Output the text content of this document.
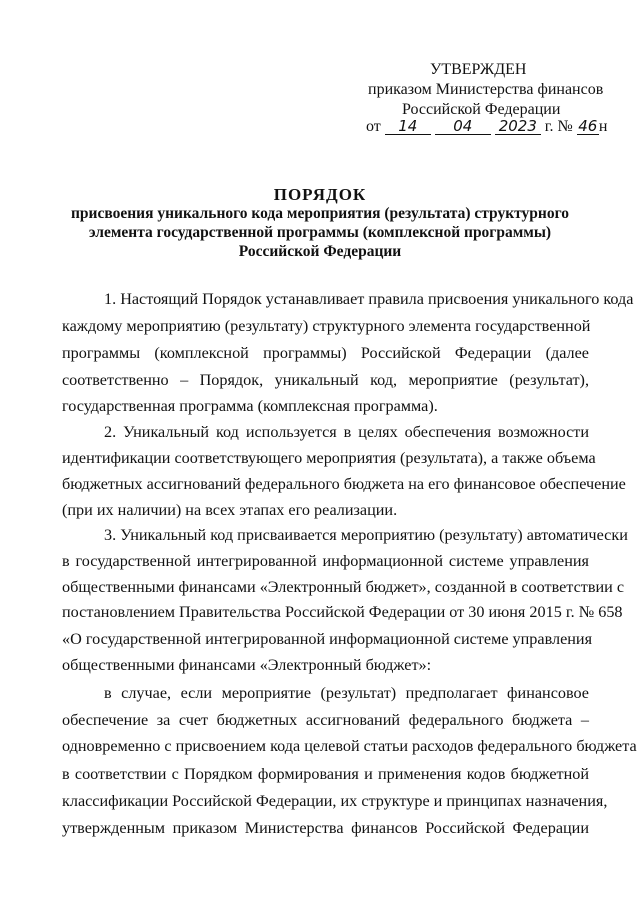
УТВЕРЖДЕН
приказом Министерства финансов
Российской Федерации
от 14 04 2023 г. № 46н
ПОРЯДОК
присвоения уникального кода мероприятия (результата) структурного
элемента государственной программы (комплексной программы)
Российской Федерации
1. Настоящий Порядок устанавливает правила присвоения уникального кода
каждому мероприятию (результату) структурного элемента государственной
программы (комплексной программы) Российской Федерации (далее
соответственно – Порядок, уникальный код, мероприятие (результат),
государственная программа (комплексная программа).
2. Уникальный код используется в целях обеспечения возможности
идентификации соответствующего мероприятия (результата), а также объема
бюджетных ассигнований федерального бюджета на его финансовое обеспечение
(при их наличии) на всех этапах его реализации.
3. Уникальный код присваивается мероприятию (результату) автоматически
в государственной интегрированной информационной системе управления
общественными финансами «Электронный бюджет», созданной в соответствии с
постановлением Правительства Российской Федерации от 30 июня 2015 г. № 658
«О государственной интегрированной информационной системе управления
общественными финансами «Электронный бюджет»:
в случае, если мероприятие (результат) предполагает финансовое
обеспечение за счет бюджетных ассигнований федерального бюджета –
одновременно с присвоением кода целевой статьи расходов федерального бюджета
в соответствии с Порядком формирования и применения кодов бюджетной
классификации Российской Федерации, их структуре и принципах назначения,
утвержденным приказом Министерства финансов Российской Федерации
